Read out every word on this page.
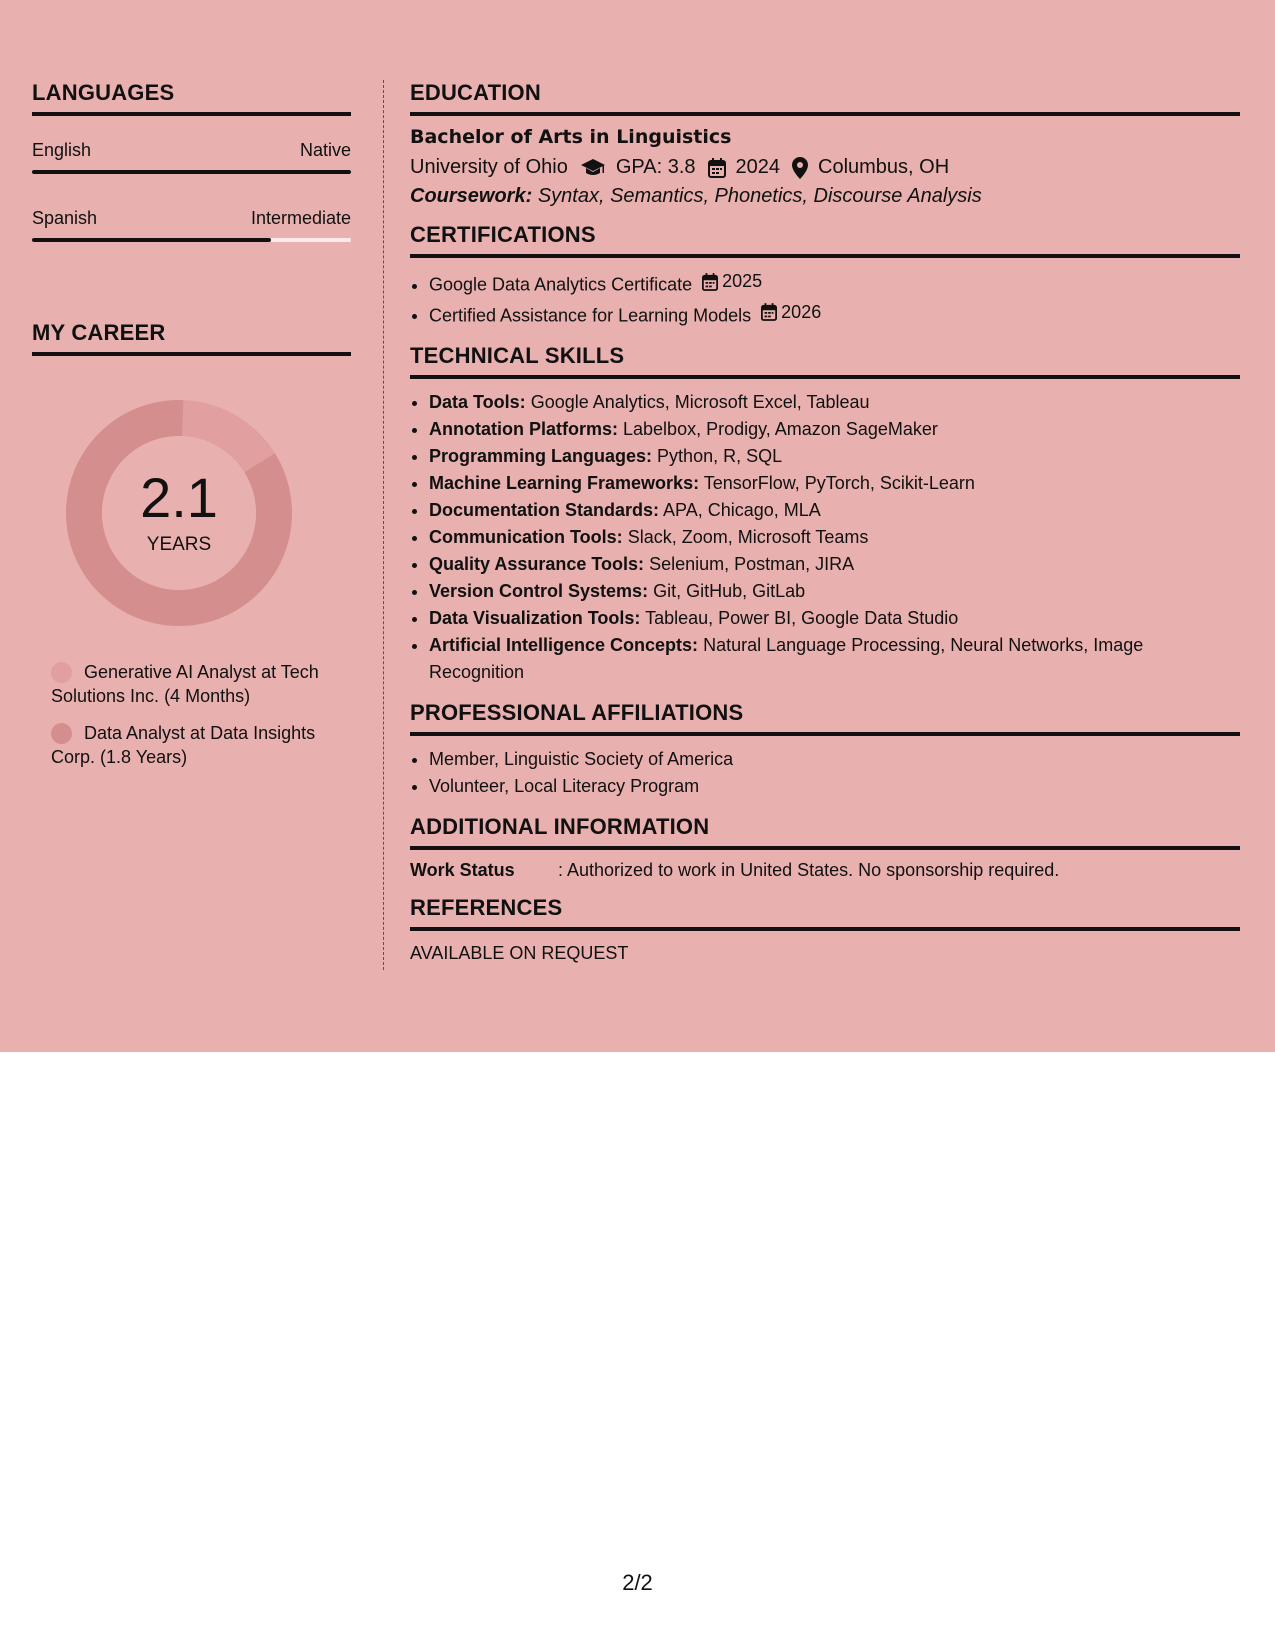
LANGUAGES
English	Native
Spanish	Intermediate
MY CAREER
2.1
YEARS
Generative AI Analyst at Tech Solutions Inc. (4 Months)
Data Analyst at Data Insights Corp. (1.8 Years)
EDUCATION
Bachelor of Arts in Linguistics
University of Ohio GPA: 3.8 2024 Columbus, OH
Coursework: Syntax, Semantics, Phonetics, Discourse Analysis
CERTIFICATIONS
• Google Data Analytics Certificate 2025
• Certified Assistance for Learning Models 2026
TECHNICAL SKILLS
• Data Tools: Google Analytics, Microsoft Excel, Tableau
• Annotation Platforms: Labelbox, Prodigy, Amazon SageMaker
• Programming Languages: Python, R, SQL
• Machine Learning Frameworks: TensorFlow, PyTorch, Scikit-Learn
• Documentation Standards: APA, Chicago, MLA
• Communication Tools: Slack, Zoom, Microsoft Teams
• Quality Assurance Tools: Selenium, Postman, JIRA
• Version Control Systems: Git, GitHub, GitLab
• Data Visualization Tools: Tableau, Power BI, Google Data Studio
• Artificial Intelligence Concepts: Natural Language Processing, Neural Networks, Image Recognition
PROFESSIONAL AFFILIATIONS
• Member, Linguistic Society of America
• Volunteer, Local Literacy Program
ADDITIONAL INFORMATION
Work Status	: Authorized to work in United States. No sponsorship required.
REFERENCES
AVAILABLE ON REQUEST
2/2
